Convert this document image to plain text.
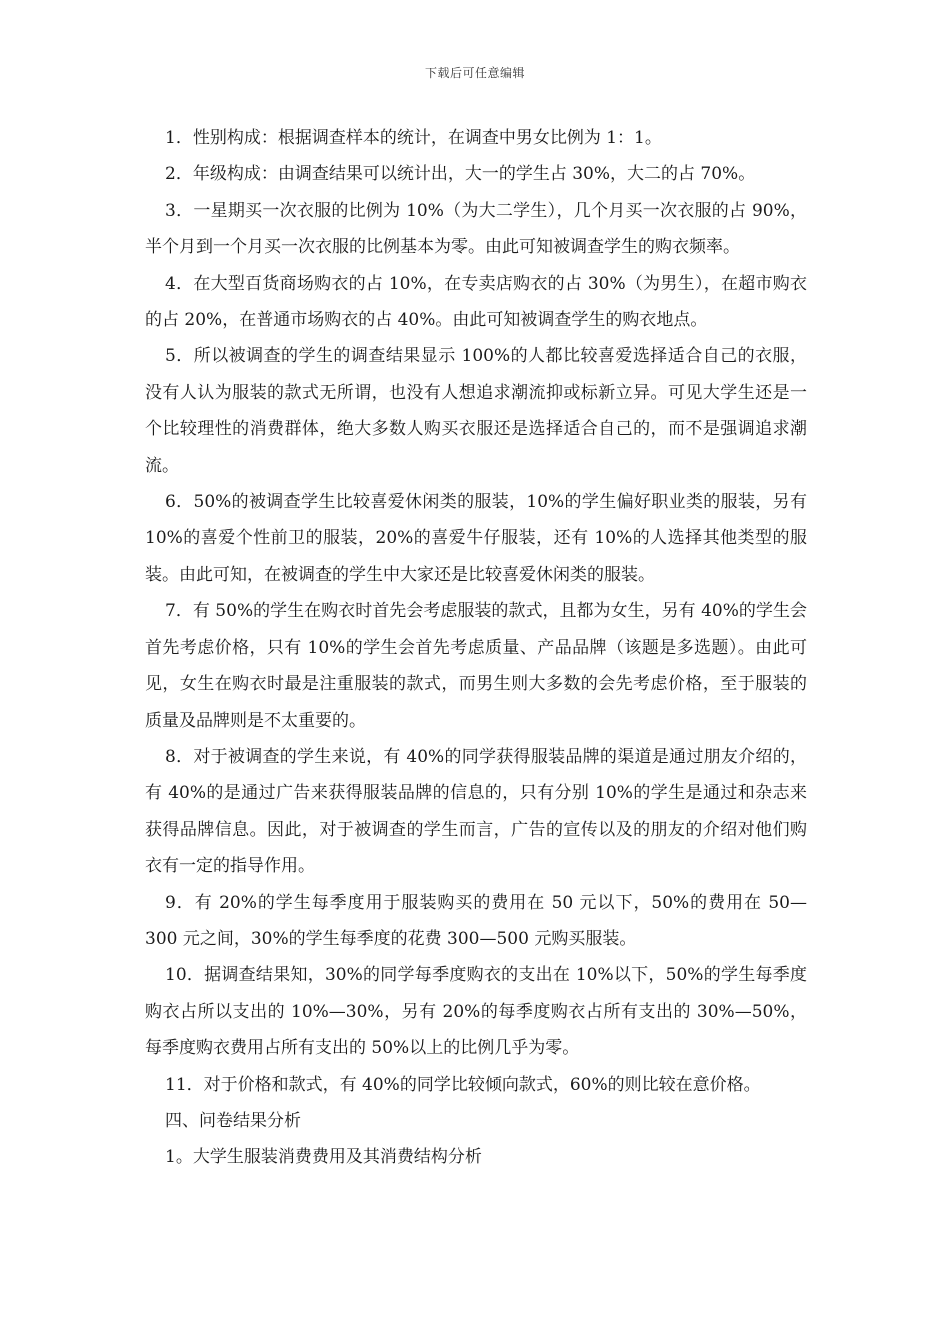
下载后可任意编辑

1．性别构成：根据调查样本的统计，在调查中男女比例为 1：1。

2．年级构成：由调查结果可以统计出，大一的学生占 30%，大二的占 70%。

3．一星期买一次衣服的比例为 10%（为大二学生），几个月买一次衣服的占 90%，半个月到一个月买一次衣服的比例基本为零。由此可知被调查学生的购衣频率。

4．在大型百货商场购衣的占 10%，在专卖店购衣的占 30%（为男生），在超市购衣的占 20%，在普通市场购衣的占 40%。由此可知被调查学生的购衣地点。

5．所以被调查的学生的调查结果显示 100%的人都比较喜爱选择适合自己的衣服，没有人认为服装的款式无所谓，也没有人想追求潮流抑或标新立异。可见大学生还是一个比较理性的消费群体，绝大多数人购买衣服还是选择适合自己的，而不是强调追求潮流。

6．50%的被调查学生比较喜爱休闲类的服装，10%的学生偏好职业类的服装，另有 10%的喜爱个性前卫的服装，20%的喜爱牛仔服装，还有 10%的人选择其他类型的服装。由此可知，在被调查的学生中大家还是比较喜爱休闲类的服装。

7．有 50%的学生在购衣时首先会考虑服装的款式，且都为女生，另有 40%的学生会首先考虑价格，只有 10%的学生会首先考虑质量、产品品牌（该题是多选题）。由此可见，女生在购衣时最是注重服装的款式，而男生则大多数的会先考虑价格，至于服装的质量及品牌则是不太重要的。

8．对于被调查的学生来说，有 40%的同学获得服装品牌的渠道是通过朋友介绍的，有 40%的是通过广告来获得服装品牌的信息的，只有分别 10%的学生是通过和杂志来获得品牌信息。因此，对于被调查的学生而言，广告的宣传以及的朋友的介绍对他们购衣有一定的指导作用。

9．有 20%的学生每季度用于服装购买的费用在 50 元以下，50%的费用在 50—300 元之间，30%的学生每季度的花费 300—500 元购买服装。

10．据调查结果知，30%的同学每季度购衣的支出在 10%以下，50%的学生每季度购衣占所以支出的 10%—30%，另有 20%的每季度购衣占所有支出的 30%—50%，每季度购衣费用占所有支出的 50%以上的比例几乎为零。

11．对于价格和款式，有 40%的同学比较倾向款式，60%的则比较在意价格。

四、问卷结果分析

1。大学生服装消费费用及其消费结构分析
